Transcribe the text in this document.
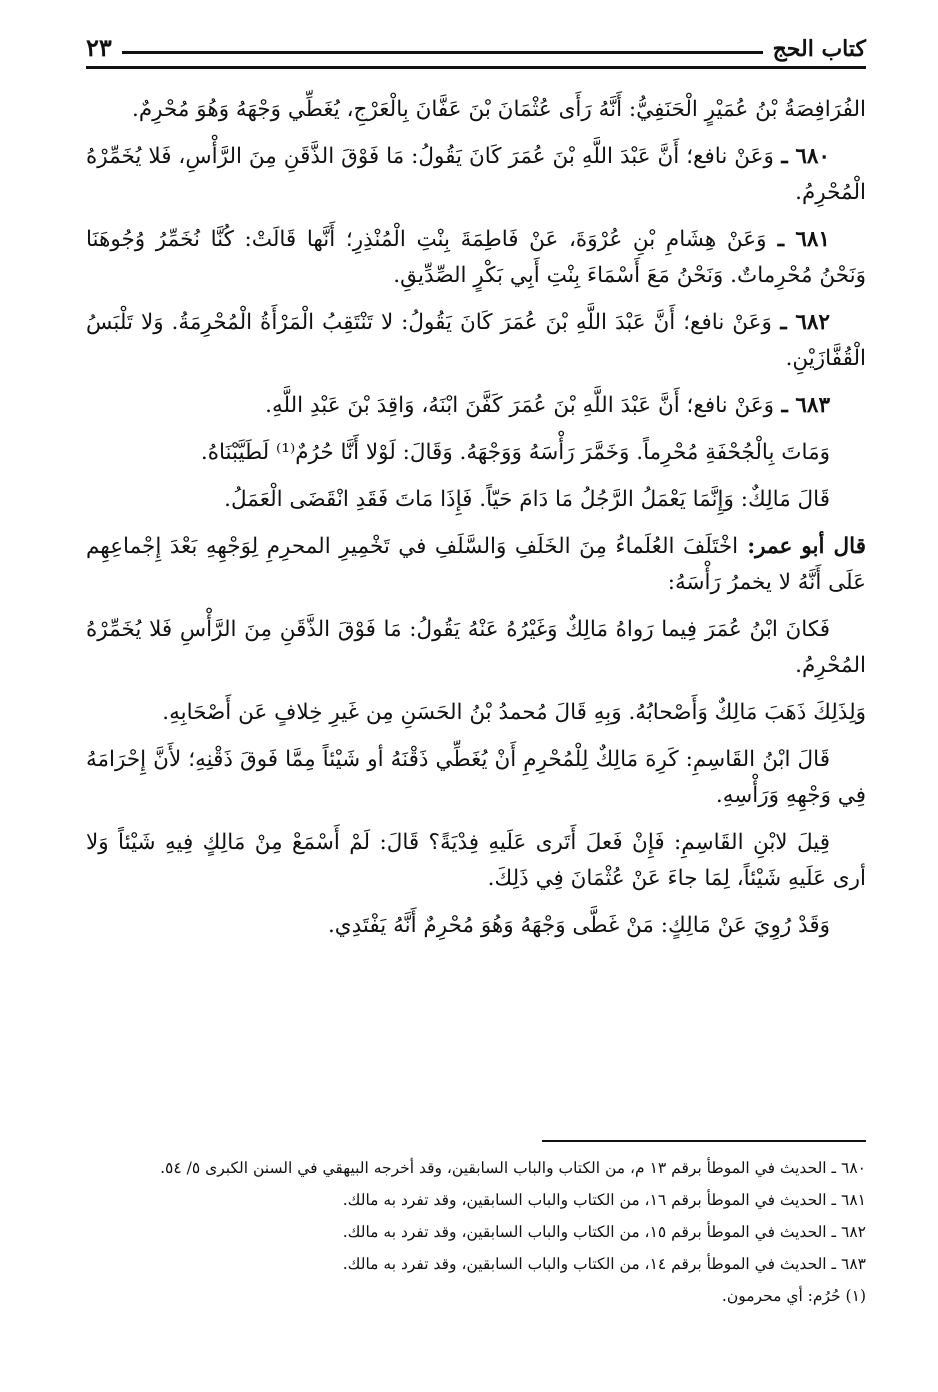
كتاب الحج
٢٣

الفُرَافِصَةُ بْنُ عُمَيْرٍ الْحَنَفِيُّ: أَنَّهُ رَأَى عُثْمَانَ بْنَ عَفَّانَ بِالْعَرْجِ، يُغَطِّي وَجْهَهُ وَهُوَ مُحْرِمٌ.

٦٨٠ ـ وَعَنْ نافع؛ أَنَّ عَبْدَ اللَّهِ بْنَ عُمَرَ كَانَ يَقُولُ: مَا فَوْقَ الذَّقَنِ مِنَ الرَّأْسِ، فَلا يُخَمِّرْهُ الْمُحْرِمُ.

٦٨١ ـ وَعَنْ هِشَامِ بْنِ عُرْوَةَ، عَنْ فَاطِمَةَ بِنْتِ الْمُنْذِرِ؛ أَنَّها قَالَتْ: كُنَّا نُخَمِّرُ وُجُوهَنَا وَنَحْنُ مُحْرِماتٌ. وَنَحْنُ مَعَ أَسْمَاءَ بِنْتِ أَبِي بَكْرٍ الصِّدِّيقِ.

٦٨٢ ـ وَعَنْ نافع؛ أَنَّ عَبْدَ اللَّهِ بْنَ عُمَرَ كَانَ يَقُولُ: لا تَنْتَقِبُ الْمَرْأَةُ الْمُحْرِمَةُ. وَلا تَلْبَسُ الْقُفَّازَيْنِ.

٦٨٣ ـ وَعَنْ نافع؛ أَنَّ عَبْدَ اللَّهِ بْنَ عُمَرَ كَفَّنَ ابْنَهُ، وَاقِدَ بْنَ عَبْدِ اللَّهِ.

وَمَاتَ بِالْجُحْفَةِ مُحْرِماً. وَخَمَّرَ رَأْسَهُ وَوَجْهَهُ. وَقَالَ: لَوْلا أَنَّا حُرُمٌ⁽¹⁾ لَطَيَّبْنَاهُ.

قَالَ مَالِكٌ: وَإِنَّمَا يَعْمَلُ الرَّجُلُ مَا دَامَ حَيّاً. فَإِذَا مَاتَ فَقَدِ انْقَضَى الْعَمَلُ.

قال أبو عمر: اخْتَلَفَ العُلَماءُ مِنَ الخَلَفِ وَالسَّلَفِ في تَخْمِيرِ المحرِمِ لِوَجْهِهِ بَعْدَ إِجْماعِهِم عَلَى أَنَّهُ لا يخمرُ رَأْسَهُ:

فَكانَ ابْنُ عُمَرَ فِيما رَواهُ مَالِكٌ وَغَيْرُهُ عَنْهُ يَقُولُ: مَا فَوْقَ الذَّقَنِ مِنَ الرَّأْسِ فَلا يُخَمِّرْهُ المُحْرِمُ.

وَلِذَلِكَ ذَهَبَ مَالِكٌ وَأَصْحابُهُ. وَبِهِ قَالَ مُحمدُ بْنُ الحَسَنِ مِن غَيرِ خِلافٍ عَن أَصْحَابِهِ.

قَالَ ابْنُ القَاسِمِ: كَرِهَ مَالِكٌ لِلْمُحْرِمِ أَنْ يُغَطِّي ذَقْنَهُ أو شَيْئاً مِمَّا فَوقَ ذَقْنِهِ؛ لأَنَّ إِحْرَامَهُ فِي وَجْهِهِ وَرَأْسِهِ.

قِيلَ لابْنِ القَاسِمِ: فَإِنْ فَعلَ أَتَرى عَلَيهِ فِدْيَةً؟ قَالَ: لَمْ أَسْمَعْ مِنْ مَالِكٍ فِيهِ شَيْئاً وَلا أرى عَلَيهِ شَيْئاً، لِمَا جاءَ عَنْ عُثْمَانَ فِي ذَلِكَ.

وَقَدْ رُوِيَ عَنْ مَالِكٍ: مَنْ غَطَّى وَجْهَهُ وَهُوَ مُحْرِمٌ أَنَّهُ يَفْتَدِي.

٦٨٠ ـ الحديث في الموطأ برقم ١٣ م، من الكتاب والباب السابقين، وقد أخرجه البيهقي في السنن الكبرى ٥/ ٥٤.

٦٨١ ـ الحديث في الموطأ برقم ١٦، من الكتاب والباب السابقين، وقد تفرد به مالك.

٦٨٢ ـ الحديث في الموطأ برقم ١٥، من الكتاب والباب السابقين، وقد تفرد به مالك.

٦٨٣ ـ الحديث في الموطأ برقم ١٤، من الكتاب والباب السابقين، وقد تفرد به مالك.

(١) حُرُم: أي محرمون.
